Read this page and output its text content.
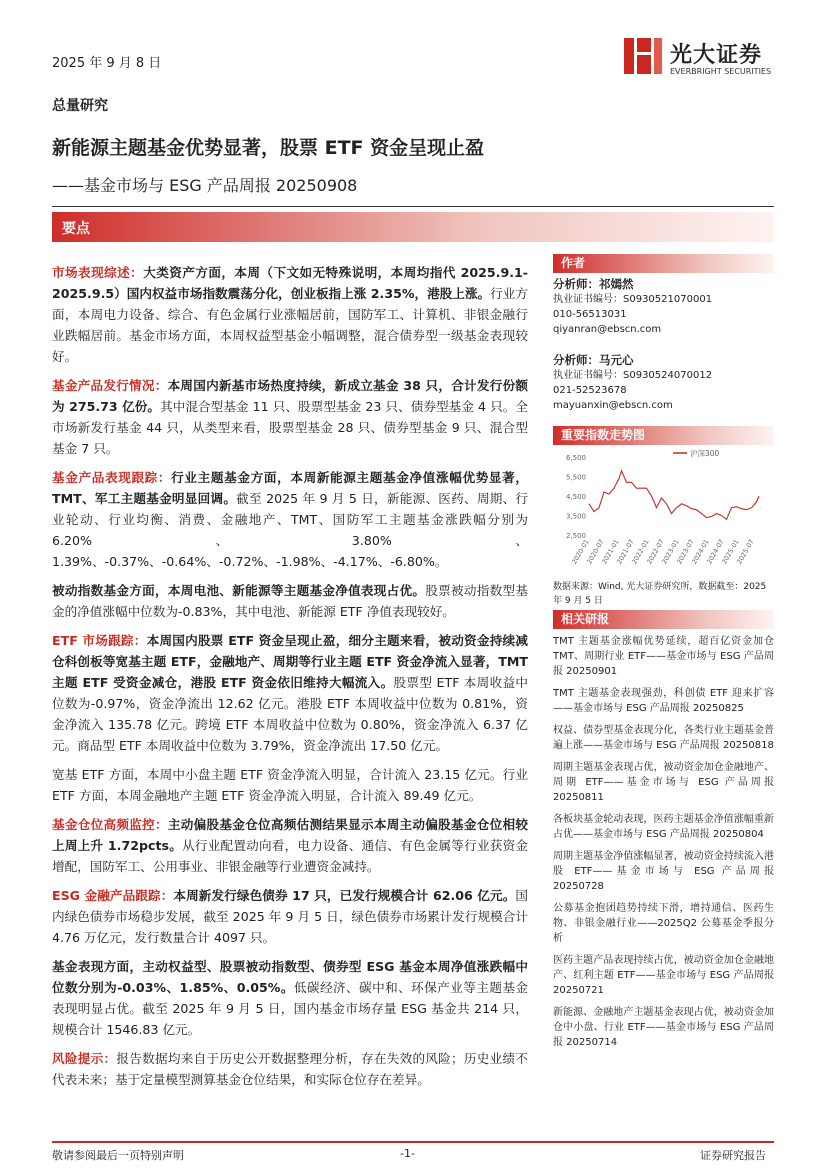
2025 年 9 月 8 日	光大证券
EVERBRIGHT SECURITIES
总量研究
新能源主题基金优势显著，股票 ETF 资金呈现止盈
——基金市场与 ESG 产品周报 20250908
要点

市场表现综述：大类资产方面，本周（下文如无特殊说明，本周均指代 2025.9.1-2025.9.5）国内权益市场指数震荡分化，创业板指上涨 2.35%，港股上涨。行业方面，本周电力设备、综合、有色金属行业涨幅居前，国防军工、计算机、非银金融行业跌幅居前。基金市场方面，本周权益型基金小幅调整，混合债券型一级基金表现较好。

基金产品发行情况：本周国内新基市场热度持续，新成立基金 38 只，合计发行份额为 275.73 亿份。其中混合型基金 11 只、股票型基金 23 只、债券型基金 4 只。全市场新发行基金 44 只，从类型来看，股票型基金 28 只、债券型基金 9 只、混合型基金 7 只。

基金产品表现跟踪：行业主题基金方面，本周新能源主题基金净值涨幅优势显著，TMT、军工主题基金明显回调。截至 2025 年 9 月 5 日，新能源、医药、周期、行业轮动、行业均衡、消费、金融地产、TMT、国防军工主题基金涨跌幅分别为 6.20%、3.80%、1.39%、-0.37%、-0.64%、-0.72%、-1.98%、-4.17%、-6.80%。

被动指数基金方面，本周电池、新能源等主题基金净值表现占优。股票被动指数型基金的净值涨幅中位数为-0.83%，其中电池、新能源 ETF 净值表现较好。

ETF 市场跟踪：本周国内股票 ETF 资金呈现止盈，细分主题来看，被动资金持续减仓科创板等宽基主题 ETF，金融地产、周期等行业主题 ETF 资金净流入显著，TMT 主题 ETF 受资金减仓，港股 ETF 资金依旧维持大幅流入。股票型 ETF 本周收益中位数为-0.97%，资金净流出 12.62 亿元。港股 ETF 本周收益中位数为 0.81%，资金净流入 135.78 亿元。跨境 ETF 本周收益中位数为 0.80%，资金净流入 6.37 亿元。商品型 ETF 本周收益中位数为 3.79%，资金净流出 17.50 亿元。

宽基 ETF 方面，本周中小盘主题 ETF 资金净流入明显，合计流入 23.15 亿元。行业 ETF 方面，本周金融地产主题 ETF 资金净流入明显，合计流入 89.49 亿元。

基金仓位高频监控：主动偏股基金仓位高频估测结果显示本周主动偏股基金仓位相较上周上升 1.72pcts。从行业配置动向看，电力设备、通信、有色金属等行业获资金增配，国防军工、公用事业、非银金融等行业遭资金减持。

ESG 金融产品跟踪：本周新发行绿色债券 17 只，已发行规模合计 62.06 亿元。国内绿色债券市场稳步发展，截至 2025 年 9 月 5 日，绿色债券市场累计发行规模合计 4.76 万亿元，发行数量合计 4097 只。

基金表现方面，主动权益型、股票被动指数型、债券型 ESG 基金本周净值涨跌幅中位数分别为-0.03%、1.85%、0.05%。低碳经济、碳中和、环保产业等主题基金表现明显占优。截至 2025 年 9 月 5 日，国内基金市场存量 ESG 基金共 214 只，规模合计 1546.83 亿元。

风险提示：报告数据均来自于历史公开数据整理分析，存在失效的风险；历史业绩不代表未来；基于定量模型测算基金仓位结果，和实际仓位存在差异。

作者
分析师：祁嫣然
执业证书编号：S0930521070001
010-56513031
qiyanran@ebscn.com
分析师：马元心
执业证书编号：S0930524070012
021-52523678
mayuanxin@ebscn.com
重要指数走势图
6,500
5,500
4,500
3,500
2,500
2020-01
2020-07
2021-01
2021-07
2022-01
2022-07
2023-01
2023-07
2024-01
2024-07
2025-01
2025-07
沪深300
数据来源：Wind, 光大证券研究所，数据截至：2025 年 9 月 5 日
相关研报
TMT 主题基金涨幅优势延续，超百亿资金加仓 TMT、周期行业 ETF——基金市场与 ESG 产品周报 20250901
TMT 主题基金表现强劲，科创债 ETF 迎来扩容——基金市场与 ESG 产品周报 20250825
权益、债券型基金表现分化，各类行业主题基金普遍上涨——基金市场与 ESG 产品周报 20250818
周期主题基金表现占优，被动资金加仓金融地产、周期 ETF——基金市场与 ESG 产品周报 20250811
各板块基金轮动表现，医药主题基金净值涨幅重新占优——基金市场与 ESG 产品周报 20250804
周期主题基金净值涨幅显著，被动资金持续流入港股 ETF——基金市场与 ESG 产品周报 20250728
公募基金抱团趋势持续下滑，增持通信、医药生物、非银金融行业——2025Q2 公募基金季报分析
医药主题产品表现持续占优，被动资金加仓金融地产、红利主题 ETF——基金市场与 ESG 产品周报 20250721
新能源、金融地产主题基金表现占优，被动资金加仓中小盘、行业 ETF——基金市场与 ESG 产品周报 20250714
敬请参阅最后一页特别声明	-1-	证券研究报告
